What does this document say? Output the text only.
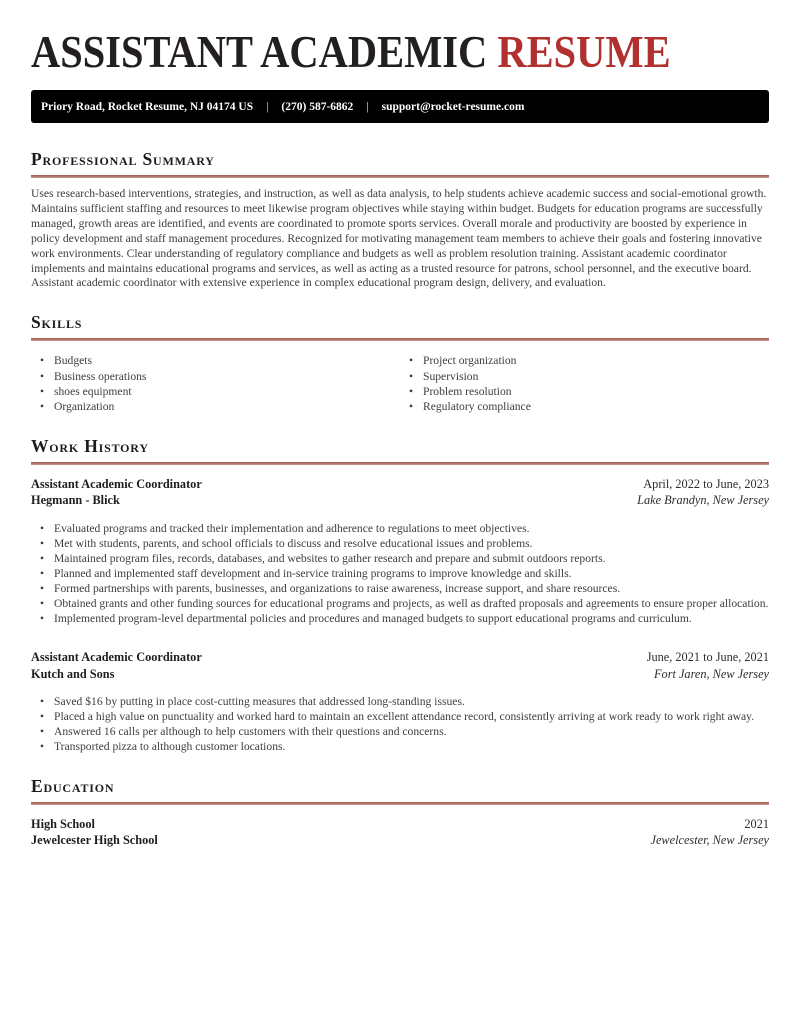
ASSISTANT ACADEMIC RESUME
Priory Road, Rocket Resume, NJ 04174 US | (270) 587-6862 | support@rocket-resume.com
Professional Summary

Uses research-based interventions, strategies, and instruction, as well as data analysis, to help students achieve academic success and social-emotional growth. Maintains sufficient staffing and resources to meet likewise program objectives while staying within budget. Budgets for education programs are successfully managed, growth areas are identified, and events are coordinated to promote sports services. Overall morale and productivity are boosted by experience in policy development and staff management procedures. Recognized for motivating management team members to achieve their goals and fostering innovative work environments. Clear understanding of regulatory compliance and budgets as well as problem resolution training. Assistant academic coordinator implements and maintains educational programs and services, as well as acting as a trusted resource for patrons, school personnel, and the executive board. Assistant academic coordinator with extensive experience in complex educational program design, delivery, and evaluation.

Skills
• Budgets
• Business operations
• shoes equipment
• Organization
• Project organization
• Supervision
• Problem resolution
• Regulatory compliance
Work History
Assistant Academic Coordinator	April, 2022 to June, 2023
Hegmann - Blick	Lake Brandyn, New Jersey
• Evaluated programs and tracked their implementation and adherence to regulations to meet objectives.
• Met with students, parents, and school officials to discuss and resolve educational issues and problems.
• Maintained program files, records, databases, and websites to gather research and prepare and submit outdoors reports.
• Planned and implemented staff development and in-service training programs to improve knowledge and skills.
• Formed partnerships with parents, businesses, and organizations to raise awareness, increase support, and share resources.
• Obtained grants and other funding sources for educational programs and projects, as well as drafted proposals and agreements to ensure proper allocation.
• Implemented program-level departmental policies and procedures and managed budgets to support educational programs and curriculum.
Assistant Academic Coordinator	June, 2021 to June, 2021
Kutch and Sons	Fort Jaren, New Jersey
• Saved $16 by putting in place cost-cutting measures that addressed long-standing issues.
• Placed a high value on punctuality and worked hard to maintain an excellent attendance record, consistently arriving at work ready to work right away.
• Answered 16 calls per although to help customers with their questions and concerns.
• Transported pizza to although customer locations.
Education
High School	2021
Jewelcester High School	Jewelcester, New Jersey
